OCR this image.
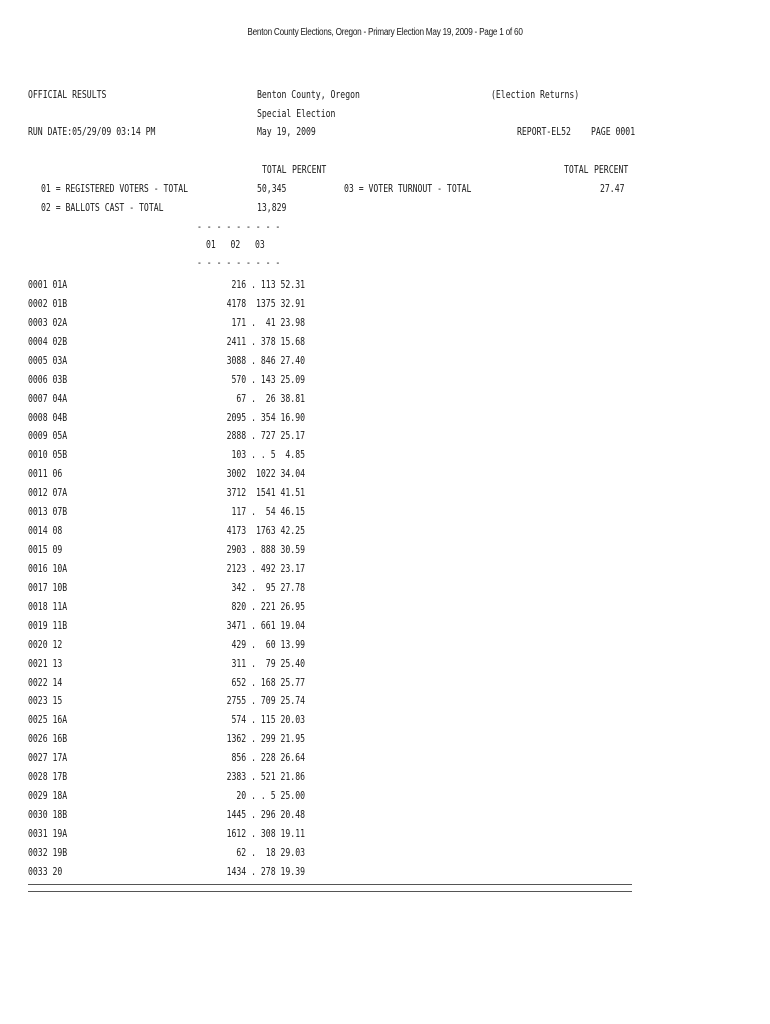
Benton County Elections, Oregon - Primary Election May 19, 2009 - Page 1 of 60
OFFICIAL RESULTS	Benton County, Oregon	(Election Returns)
Special Election
RUN DATE:05/29/09 03:14 PM	May 19, 2009	REPORT-EL52 PAGE 0001
TOTAL PERCENT	TOTAL PERCENT
01 = REGISTERED VOTERS - TOTAL	50,345	03 = VOTER TURNOUT - TOTAL	27.47
02 = BALLOTS CAST - TOTAL	13,829
- - - - - - - - -
01   02   03
- - - - - - - - -
0001 01A	216 . 113 52.31
0002 01B	4178  1375 32.91
0003 02A	171 .  41 23.98
0004 02B	2411 . 378 15.68
0005 03A	3088 . 846 27.40
0006 03B	570 . 143 25.09
0007 04A	67 .  26 38.81
0008 04B	2095 . 354 16.90
0009 05A	2888 . 727 25.17
0010 05B	103 . . 5  4.85
0011 06	3002  1022 34.04
0012 07A	3712  1541 41.51
0013 07B	117 .  54 46.15
0014 08	4173  1763 42.25
0015 09	2903 . 888 30.59
0016 10A	2123 . 492 23.17
0017 10B	342 .  95 27.78
0018 11A	820 . 221 26.95
0019 11B	3471 . 661 19.04
0020 12	429 .  60 13.99
0021 13	311 .  79 25.40
0022 14	652 . 168 25.77
0023 15	2755 . 709 25.74
0025 16A	574 . 115 20.03
0026 16B	1362 . 299 21.95
0027 17A	856 . 228 26.64
0028 17B	2383 . 521 21.86
0029 18A	20 . . 5 25.00
0030 18B	1445 . 296 20.48
0031 19A	1612 . 308 19.11
0032 19B	62 .  18 29.03
0033 20	1434 . 278 19.39
